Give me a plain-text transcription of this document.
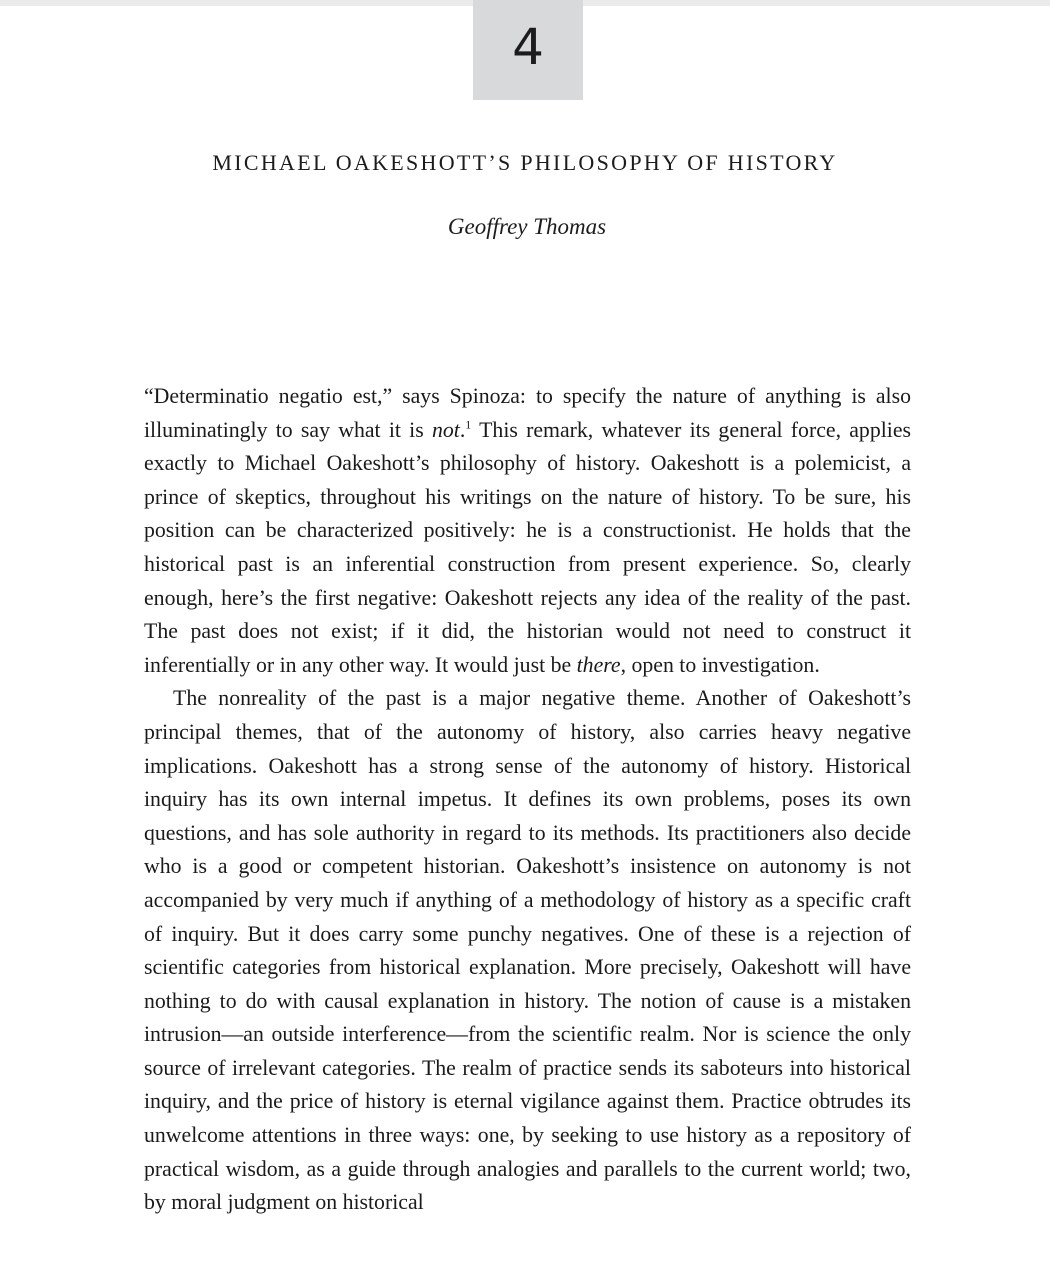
4
MICHAEL OAKESHOTT’S PHILOSOPHY OF HISTORY
Geoffrey Thomas

“Determinatio negatio est,” says Spinoza: to specify the nature of anything is also illuminatingly to say what it is not.$^1$ This remark, whatever its general force, applies exactly to Michael Oakeshott’s philosophy of history. Oakeshott is a polemicist, a prince of skeptics, throughout his writings on the nature of history. To be sure, his position can be characterized positively: he is a constructionist. He holds that the historical past is an inferential construction from present experience. So, clearly enough, here’s the first negative: Oakeshott rejects any idea of the reality of the past. The past does not exist; if it did, the historian would not need to construct it inferentially or in any other way. It would just be there, open to investigation.

The nonreality of the past is a major negative theme. Another of Oakeshott’s principal themes, that of the autonomy of history, also carries heavy negative implications. Oakeshott has a strong sense of the autonomy of history. Historical inquiry has its own internal impetus. It defines its own problems, poses its own questions, and has sole authority in regard to its methods. Its practitioners also decide who is a good or competent historian. Oakeshott’s insistence on autonomy is not accompanied by very much if anything of a methodology of history as a specific craft of inquiry. But it does carry some punchy negatives. One of these is a rejection of scientific categories from historical explanation. More precisely, Oakeshott will have nothing to do with causal explanation in history. The notion of cause is a mistaken intrusion—an outside interference—from the scientific realm. Nor is science the only source of irrelevant categories. The realm of practice sends its saboteurs into historical inquiry, and the price of history is eternal vigilance against them. Practice obtrudes its unwelcome attentions in three ways: one, by seeking to use history as a repository of practical wisdom, as a guide through analogies and parallels to the current world; two, by moral judgment on historical
